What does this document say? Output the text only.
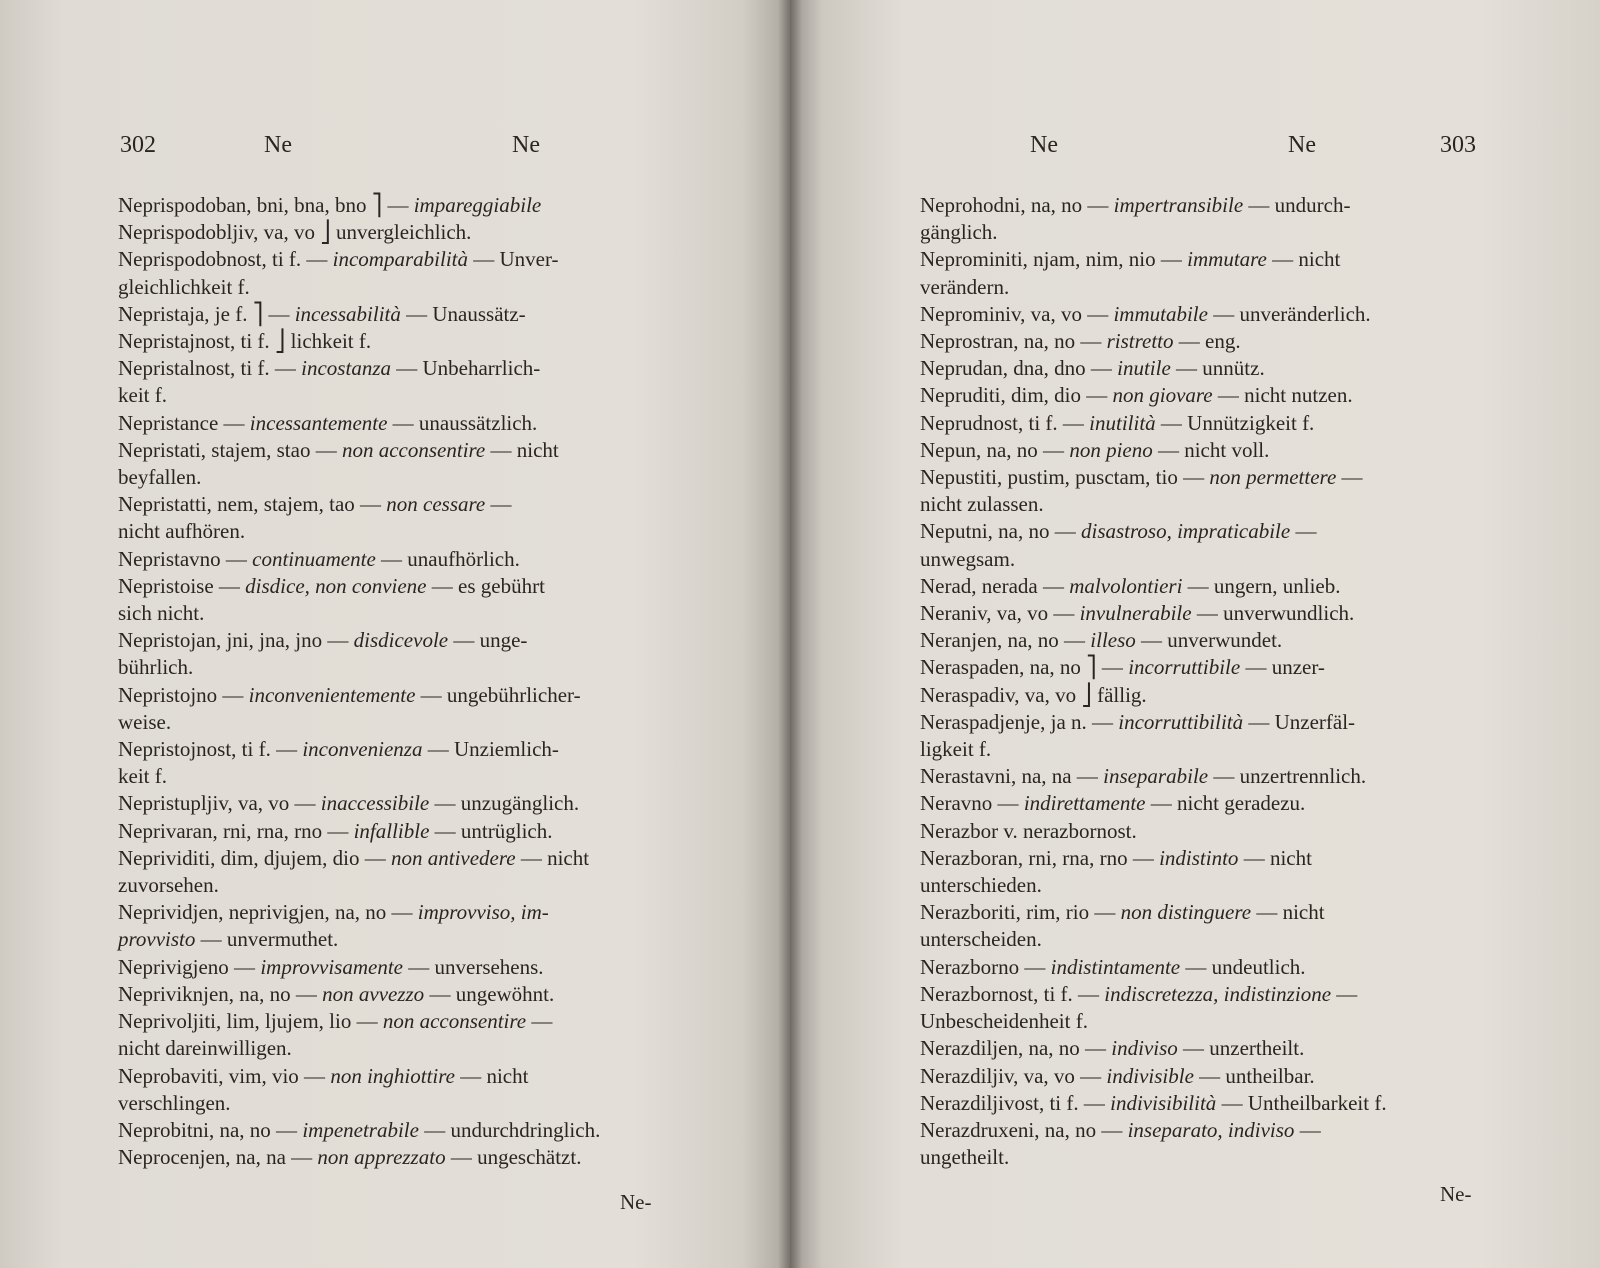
302	Ne	Ne
Neprispodoban, bni, bna, bno ⎤ — impareggiabile
Neprispodobljiv, va, vo ⎦ unvergleichlich.
Neprispodobnost, ti f. — incomparabilità — Unver-
gleichlichkeit f.
Nepristaja, je f. ⎤ — incessabilità — Unaussätz-
Nepristajnost, ti f. ⎦ lichkeit f.
Nepristalnost, ti f. — incostanza — Unbeharrlich-
keit f.
Nepristance — incessantemente — unaussätzlich.
Nepristati, stajem, stao — non acconsentire — nicht
beyfallen.
Nepristatti, nem, stajem, tao — non cessare —
nicht aufhören.
Nepristavno — continuamente — unaufhörlich.
Nepristoise — disdice, non conviene — es gebührt
sich nicht.
Nepristojan, jni, jna, jno — disdicevole — unge-
bührlich.
Nepristojno — inconvenientemente — ungebührlicher-
weise.
Nepristojnost, ti f. — inconvenienza — Unziemlich-
keit f.
Nepristupljiv, va, vo — inaccessibile — unzugänglich.
Neprivaran, rni, rna, rno — infallible — untrüglich.
Neprividiti, dim, djujem, dio — non antivedere — nicht
zuvorsehen.
Neprividjen, neprivigjen, na, no — improvviso, im-
provvisto — unvermuthet.
Neprivigjeno — improvvisamente — unversehens.
Nepriviknjen, na, no — non avvezzo — ungewöhnt.
Neprivoljiti, lim, ljujem, lio — non acconsentire —
nicht dareinwilligen.
Neprobaviti, vim, vio — non inghiottire — nicht
verschlingen.
Neprobitni, na, no — impenetrabile — undurchdringlich.
Neprocenjen, na, na — non apprezzato — ungeschätzt.
Ne-
Ne	Ne	303
Neprohodni, na, no — impertransibile — undurch-
gänglich.
Neprominiti, njam, nim, nio — immutare — nicht
verändern.
Neprominiv, va, vo — immutabile — unveränderlich.
Neprostran, na, no — ristretto — eng.
Neprudan, dna, dno — inutile — unnütz.
Nepruditi, dim, dio — non giovare — nicht nutzen.
Neprudnost, ti f. — inutilità — Unnützigkeit f.
Nepun, na, no — non pieno — nicht voll.
Nepustiti, pustim, pusctam, tio — non permettere —
nicht zulassen.
Neputni, na, no — disastroso, impraticabile —
unwegsam.
Nerad, nerada — malvolontieri — ungern, unlieb.
Neraniv, va, vo — invulnerabile — unverwundlich.
Neranjen, na, no — illeso — unverwundet.
Neraspaden, na, no ⎤ — incorruttibile — unzer-
Neraspadiv, va, vo ⎦ fällig.
Neraspadjenje, ja n. — incorruttibilità — Unzerfäl-
ligkeit f.
Nerastavni, na, na — inseparabile — unzertrennlich.
Neravno — indirettamente — nicht geradezu.
Nerazbor v. nerazbornost.
Nerazboran, rni, rna, rno — indistinto — nicht
unterschieden.
Nerazboriti, rim, rio — non distinguere — nicht
unterscheiden.
Nerazborno — indistintamente — undeutlich.
Nerazbornost, ti f. — indiscretezza, indistinzione —
Unbescheidenheit f.
Nerazdiljen, na, no — indiviso — unzertheilt.
Nerazdiljiv, va, vo — indivisible — untheilbar.
Nerazdiljivost, ti f. — indivisibilità — Untheilbarkeit f.
Nerazdruxeni, na, no — inseparato, indiviso —
ungetheilt.
Ne-
